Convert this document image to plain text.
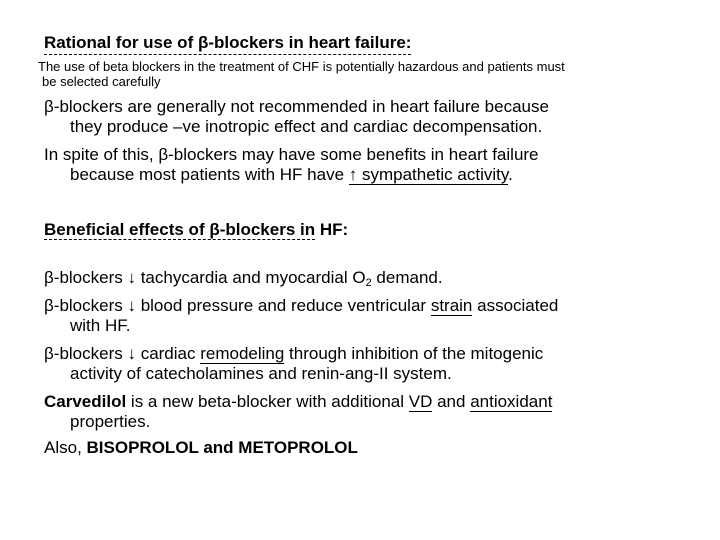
Rational for use of β-blockers in heart failure:
The use of beta blockers in the treatment of CHF is potentially hazardous and patients must
be selected carefully
β-blockers are generally not recommended in heart failure because
they produce –ve inotropic effect and cardiac decompensation.
In spite of this, β-blockers may have some benefits in heart failure
because most patients with HF have ↑ sympathetic activity.
Beneficial effects of β-blockers in HF:
β-blockers ↓ tachycardia and myocardial $O_2$ demand.
β-blockers ↓ blood pressure and reduce ventricular strain associated
with HF.
β-blockers ↓ cardiac remodeling through inhibition of the mitogenic
activity of catecholamines and renin-ang-II system.
Carvedilol is a new beta-blocker with additional VD and antioxidant
properties.
Also, BISOPROLOL and METOPROLOL
